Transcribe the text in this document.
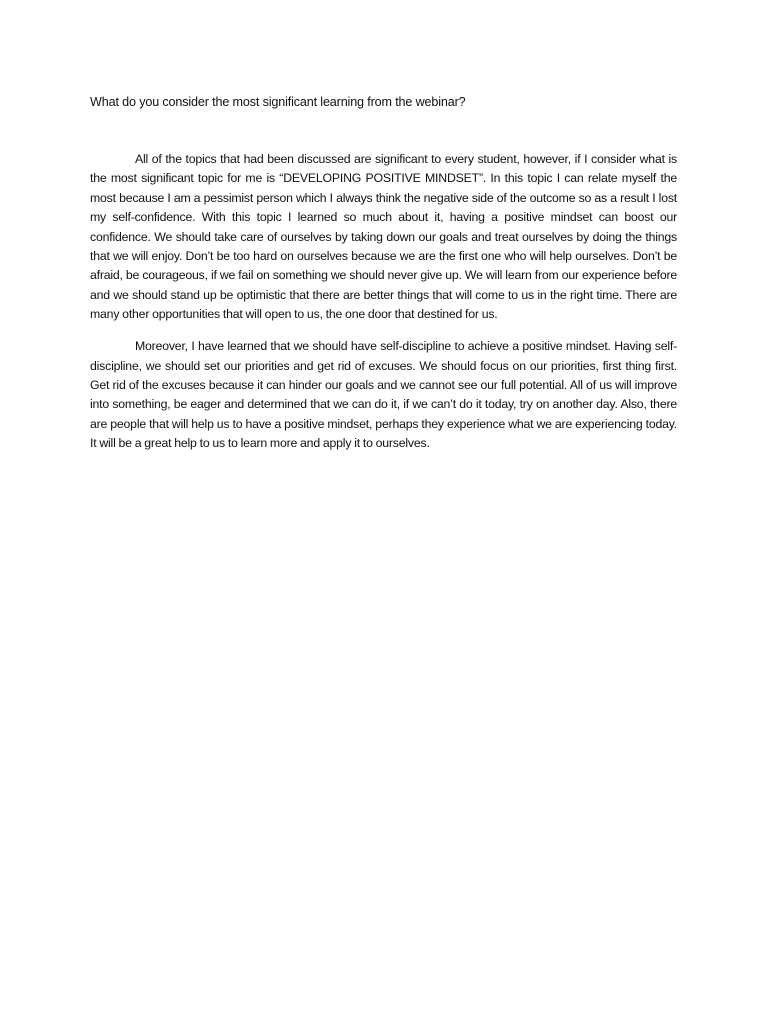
What do you consider the most significant learning from the webinar?

All of the topics that had been discussed are significant to every student, however, if I consider what is the most significant topic for me is “DEVELOPING POSITIVE MINDSET”. In this topic I can relate myself the most because I am a pessimist person which I always think the negative side of the outcome so as a result I lost my self-confidence. With this topic I learned so much about it, having a positive mindset can boost our confidence. We should take care of ourselves by taking down our goals and treat ourselves by doing the things that we will enjoy. Don’t be too hard on ourselves because we are the first one who will help ourselves. Don’t be afraid, be courageous, if we fail on something we should never give up. We will learn from our experience before and we should stand up be optimistic that there are better things that will come to us in the right time. There are many other opportunities that will open to us, the one door that destined for us.

Moreover, I have learned that we should have self-discipline to achieve a positive mindset. Having self-discipline, we should set our priorities and get rid of excuses. We should focus on our priorities, first thing first. Get rid of the excuses because it can hinder our goals and we cannot see our full potential. All of us will improve into something, be eager and determined that we can do it, if we can’t do it today, try on another day. Also, there are people that will help us to have a positive mindset, perhaps they experience what we are experiencing today. It will be a great help to us to learn more and apply it to ourselves.
